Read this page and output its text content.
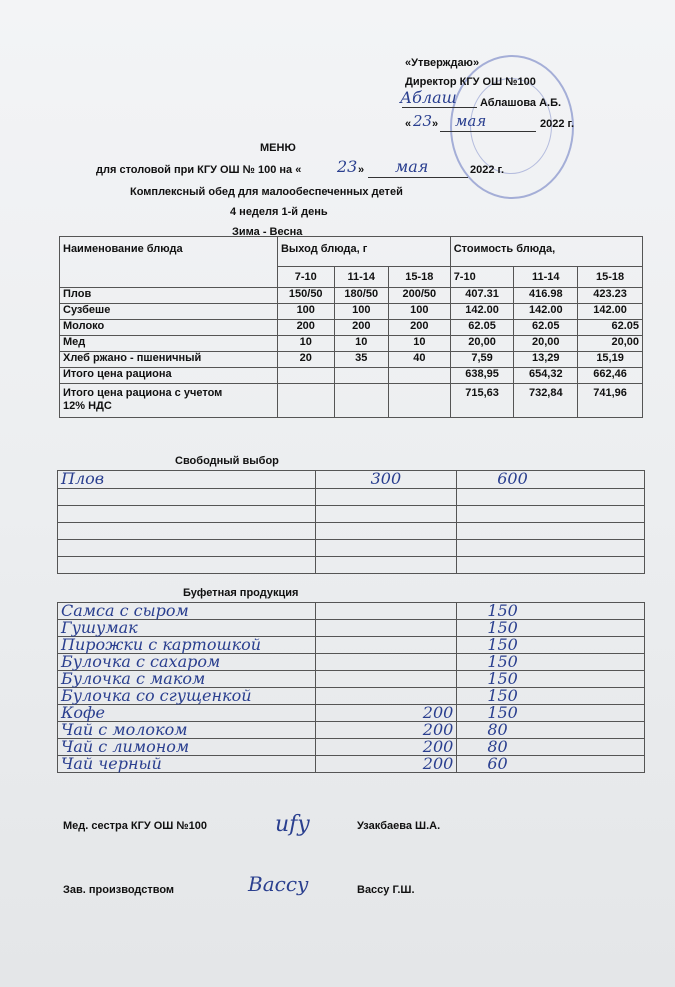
«Утверждаю»
Директор КГУ ОШ №100
Аблаш Аблашова А.Б.
« 23 » мая	2022 г.
МЕНЮ
для столовой при КГУ ОШ № 100 на « 23 » мая	2022 г.
Комплексный обед для малообеспеченных детей
4 неделя 1-й день
Зима - Весна
Наименование блюда	Выход блюда, г			Стоимость блюда,		
	7-10	11-14	15-18	7-10	11-14	15-18
Плов	150/50	180/50	200/50	407.31	416.98	423.23
Сузбеше	100	100	100	142.00	142.00	142.00
Молоко	200	200	200	62.05	62.05	62.05
Мед	10	10	10	20,00	20,00	20,00
Хлеб ржано - пшеничный	20	35	40	7,59	13,29	15,19
Итого цена рациона				638,95	654,32	662,46

Итого цена рациона с учетом
12% НДС				715,63	732,84	741,96
Свободный выбор
Плов	300	600

Буфетная продукция
Самса с сыром		150
Гушумак		150
Пирожки с картошкой		150
Булочка с сахаром		150
Булочка с маком		150
Булочка со сгущенкой		150
Кофе	200	150
Чай с молоком	200	80
Чай с лимоном	200	80
Чай черный	200	60
Мед. сестра КГУ ОШ №100	ufy	Узакбаева Ш.А.
Зав. производством	Вассу	Вассу Г.Ш.
